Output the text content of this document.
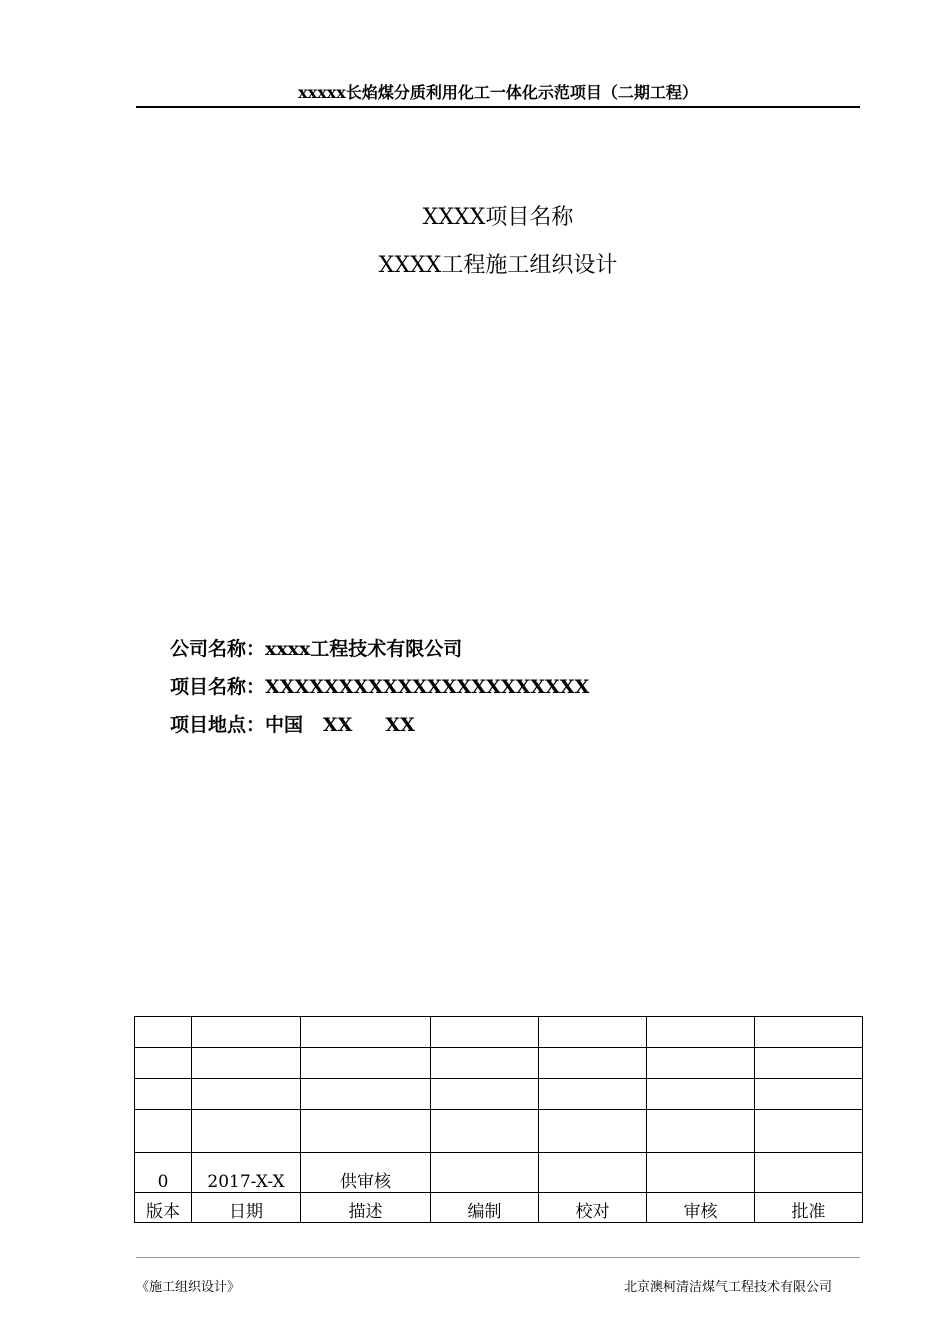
xxxxx长焰煤分质利用化工一体化示范项目（二期工程）
XXXX项目名称
XXXX工程施工组织设计
公司名称：xxxx工程技术有限公司
项目名称：XXXXXXXXXXXXXXXXXXXXXX
项目地点：中国   XX     XX

0	2017-X-X	供审核				
版本	日期	描述	编制	校对	审核	批准
《施工组织设计》	北京澳柯清洁煤气工程技术有限公司
